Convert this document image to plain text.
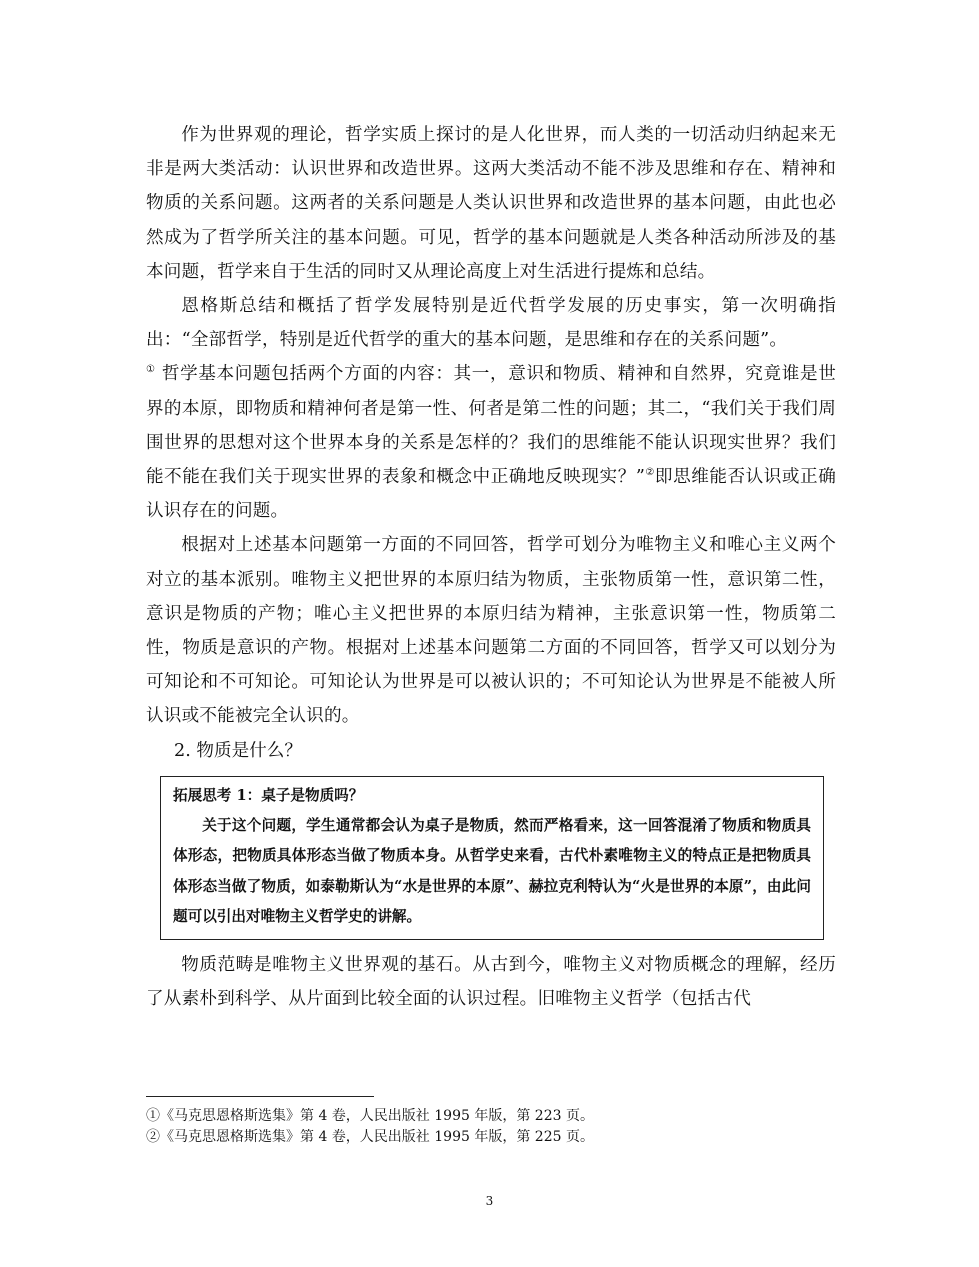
作为世界观的理论，哲学实质上探讨的是人化世界，而人类的一切活动归纳起来无非是两大类活动：认识世界和改造世界。这两大类活动不能不涉及思维和存在、精神和物质的关系问题。这两者的关系问题是人类认识世界和改造世界的基本问题，由此也必然成为了哲学所关注的基本问题。可见，哲学的基本问题就是人类各种活动所涉及的基本问题，哲学来自于生活的同时又从理论高度上对生活进行提炼和总结。

恩格斯总结和概括了哲学发展特别是近代哲学发展的历史事实，第一次明确指出：“全部哲学，特别是近代哲学的重大的基本问题，是思维和存在的关系问题”。
① 哲学基本问题包括两个方面的内容：其一，意识和物质、精神和自然界，究竟谁是世界的本原，即物质和精神何者是第一性、何者是第二性的问题；其二，“我们关于我们周围世界的思想对这个世界本身的关系是怎样的？我们的思维能不能认识现实世界？我们能不能在我们关于现实世界的表象和概念中正确地反映现实？”②即思维能否认识或正确认识存在的问题。

根据对上述基本问题第一方面的不同回答，哲学可划分为唯物主义和唯心主义两个对立的基本派别。唯物主义把世界的本原归结为物质，主张物质第一性，意识第二性，意识是物质的产物；唯心主义把世界的本原归结为精神，主张意识第一性，物质第二性，物质是意识的产物。根据对上述基本问题第二方面的不同回答，哲学又可以划分为可知论和不可知论。可知论认为世界是可以被认识的；不可知论认为世界是不能被人所认识或不能被完全认识的。

2. 物质是什么？

拓展思考 1：桌子是物质吗？

关于这个问题，学生通常都会认为桌子是物质，然而严格看来，这一回答混淆了物质和物质具体形态，把物质具体形态当做了物质本身。从哲学史来看，古代朴素唯物主义的特点正是把物质具体形态当做了物质，如泰勒斯认为“水是世界的本原”、赫拉克利特认为“火是世界的本原”，由此问题可以引出对唯物主义哲学史的讲解。

物质范畴是唯物主义世界观的基石。从古到今，唯物主义对物质概念的理解，经历了从素朴到科学、从片面到比较全面的认识过程。旧唯物主义哲学（包括古代

①《马克思恩格斯选集》第 4 卷，人民出版社 1995 年版，第 223 页。

②《马克思恩格斯选集》第 4 卷，人民出版社 1995 年版，第 225 页。

3
